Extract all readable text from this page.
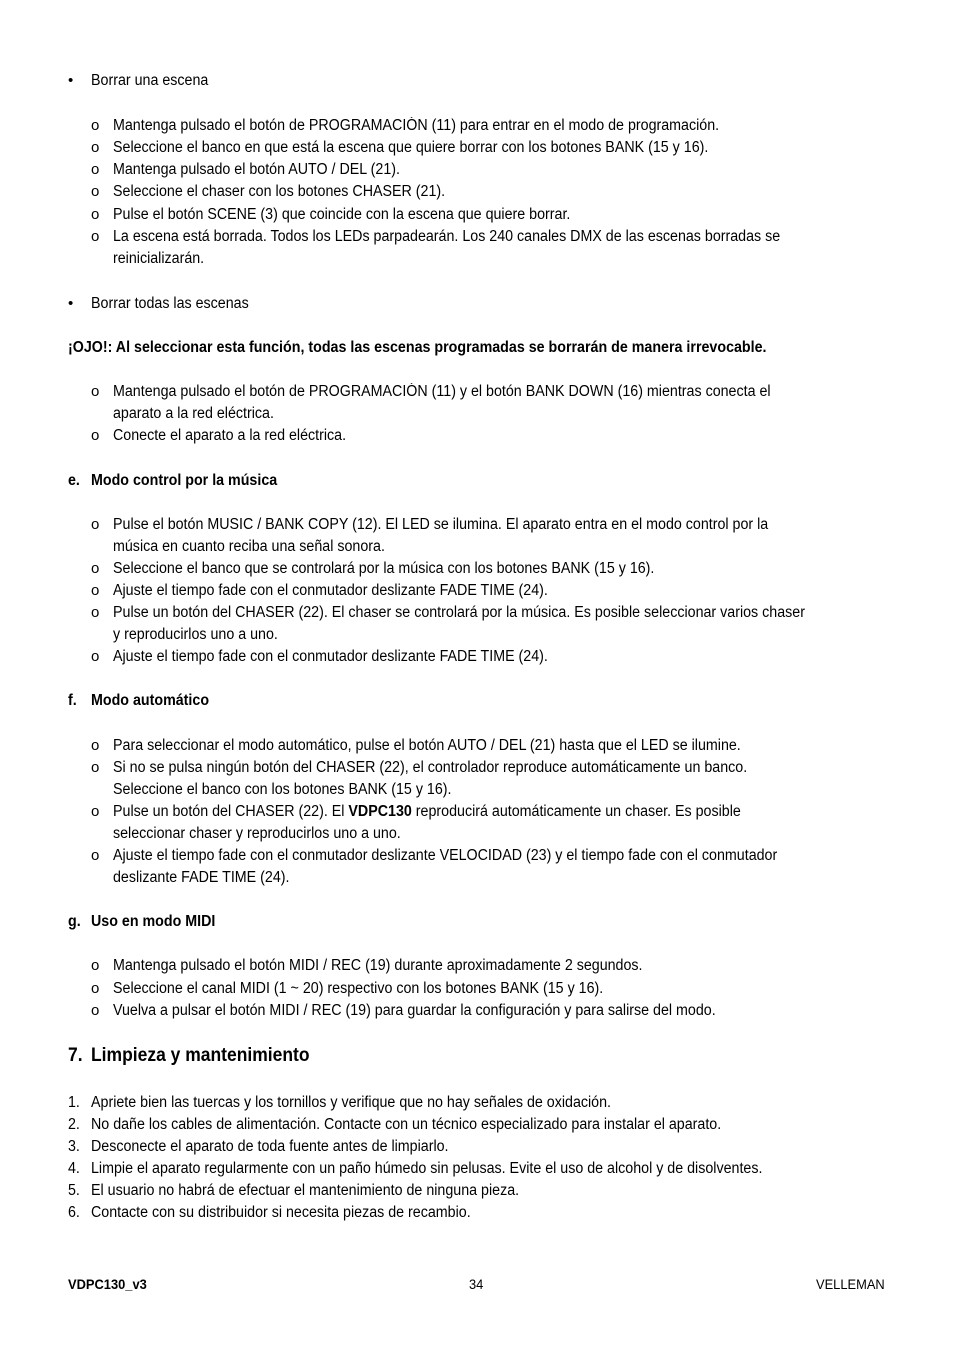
•	Borrar una escena
o Mantenga pulsado el botón de PROGRAMACIÓN (11) para entrar en el modo de programación.
o Seleccione el banco en que está la escena que quiere borrar con los botones BANK (15 y 16).
o Mantenga pulsado el botón AUTO / DEL (21).
o Seleccione el chaser con los botones CHASER (21).
o Pulse el botón SCENE (3) que coincide con la escena que quiere borrar.
o La escena está borrada. Todos los LEDs parpadearán. Los 240 canales DMX de las escenas borradas se
reinicializarán.
•	Borrar todas las escenas
¡OJO!: Al seleccionar esta función, todas las escenas programadas se borrarán de manera irrevocable.
o Mantenga pulsado el botón de PROGRAMACIÓN (11) y el botón BANK DOWN (16) mientras conecta el
aparato a la red eléctrica.
o Conecte el aparato a la red eléctrica.
e. Modo control por la música
o Pulse el botón MUSIC / BANK COPY (12). El LED se ilumina. El aparato entra en el modo control por la
música en cuanto reciba una señal sonora.
o Seleccione el banco que se controlará por la música con los botones BANK (15 y 16).
o Ajuste el tiempo fade con el conmutador deslizante FADE TIME (24).
o Pulse un botón del CHASER (22). El chaser se controlará por la música. Es posible seleccionar varios chaser
y reproducirlos uno a uno.
o Ajuste el tiempo fade con el conmutador deslizante FADE TIME (24).
f. Modo automático
o Para seleccionar el modo automático, pulse el botón AUTO / DEL (21) hasta que el LED se ilumine.
o Si no se pulsa ningún botón del CHASER (22), el controlador reproduce automáticamente un banco.
Seleccione el banco con los botones BANK (15 y 16).
o Pulse un botón del CHASER (22). El VDPC130 reproducirá automáticamente un chaser. Es posible
seleccionar chaser y reproducirlos uno a uno.
o Ajuste el tiempo fade con el conmutador deslizante VELOCIDAD (23) y el tiempo fade con el conmutador
deslizante FADE TIME (24).
g. Uso en modo MIDI
o Mantenga pulsado el botón MIDI / REC (19) durante aproximadamente 2 segundos.
o Seleccione el canal MIDI (1 ~ 20) respectivo con los botones BANK (15 y 16).
o Vuelva a pulsar el botón MIDI / REC (19) para guardar la configuración y para salirse del modo.
7. Limpieza y mantenimiento
1. Apriete bien las tuercas y los tornillos y verifique que no hay señales de oxidación.
2. No dañe los cables de alimentación. Contacte con un técnico especializado para instalar el aparato.
3. Desconecte el aparato de toda fuente antes de limpiarlo.
4. Limpie el aparato regularmente con un paño húmedo sin pelusas. Evite el uso de alcohol y de disolventes.
5. El usuario no habrá de efectuar el mantenimiento de ninguna pieza.
6. Contacte con su distribuidor si necesita piezas de recambio.
VDPC130_v3	34	VELLEMAN
